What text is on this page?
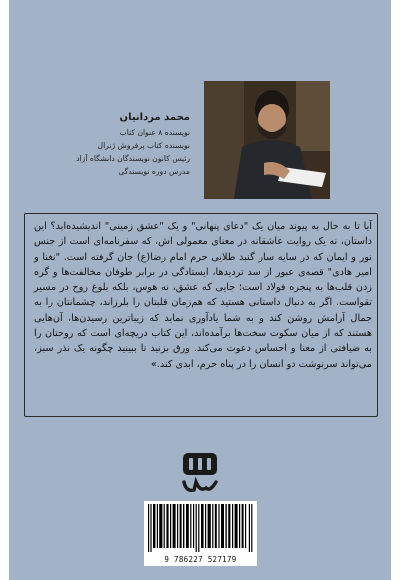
محمد مردانیان
نویسنده ۸ عنوان کتاب
نویسنده کتاب پرفروش ژنرال
رئیس کانون نویسندگان دانشگاه آزاد
مدرس دوره نویسندگی
آیا تا به حال به پیوند میان یک "دعای پنهانی" و یک "عشق زمینی" اندیشیده‌اید؟ این داستان، نه یک روایت عاشقانه در معنای معمولی اش، که سفرنامه‌ای است از جنس نور و ایمان که در سایه سار گنبد طلایی حرم امام رضا(ع) جان گرفته است. "نغنا و امیر هادی" قصه‌ی عبور از سد تردیدها، ایستادگی در برابر طوفان مخالفت‌ها و گره زدن قلب‌ها به پنجره فولاد است؛ جایی که عشق، نه هوس، بلکه بلوغ روح در مسیر تقواست. اگر به دنبال داستانی هستید که هم‌زمان قلبتان را بلرزاند، چشمانتان را به جمال آرامش روشن کند و به شما یادآوری نماید که زیباترین رسیدن‌ها، آن‌هایی هستند که از میان سکوت سخت‌ها برآمده‌اند، این کتاب دریچه‌ای است که روحتان را به ضیافتی از معنا و احساس دعوت می‌کند. ورق بزنید تا ببینید چگونه یک نذر سبز، می‌تواند سرنوشت دو انسان را در پناه حرم، ابدی کند.»
9 786227 527179
